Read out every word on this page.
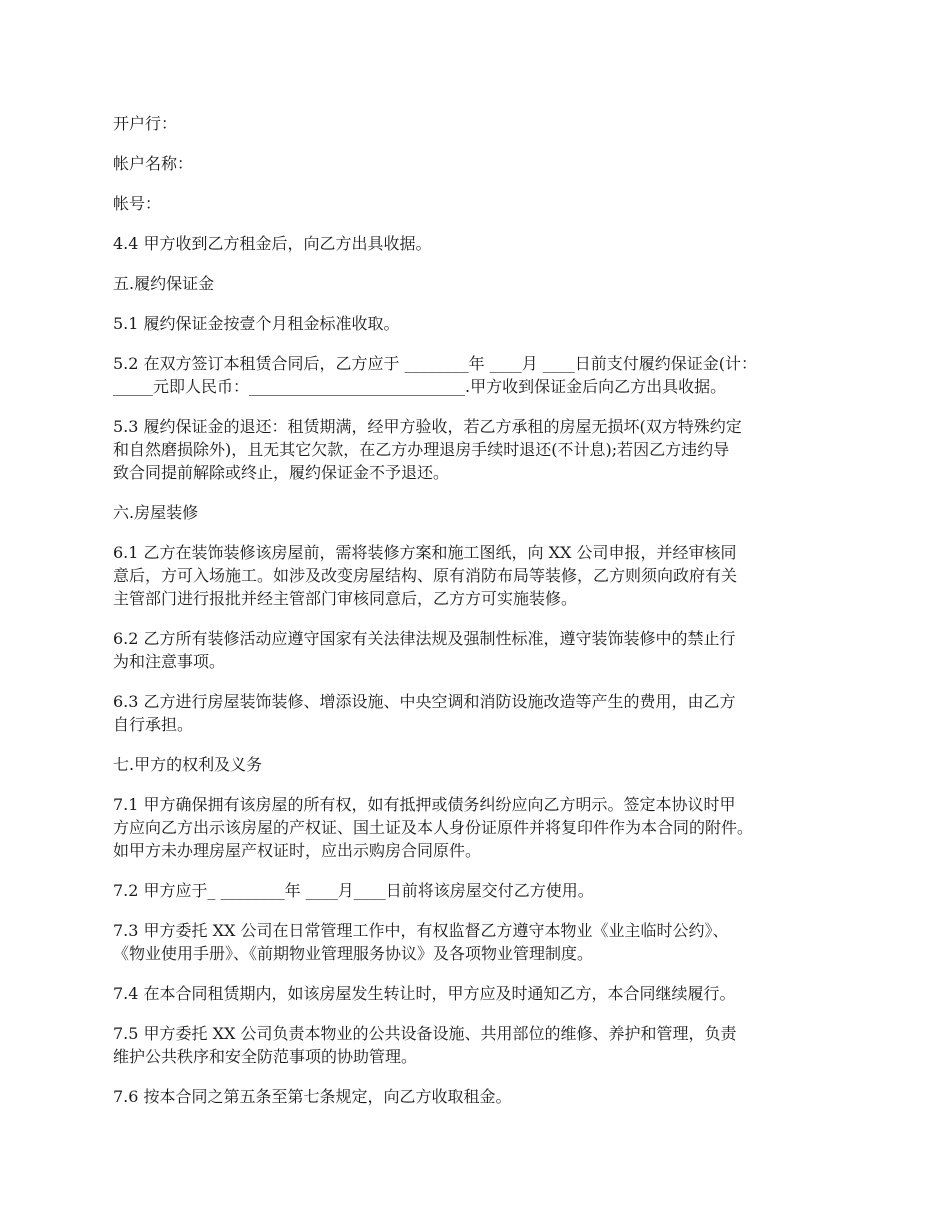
开户行：

帐户名称：

帐号：

4.4 甲方收到乙方租金后，向乙方出具收据。

五.履约保证金

5.1 履约保证金按壹个月租金标准收取。

5.2 在双方签订本租赁合同后，乙方应于 ________年 ____月 ____日前支付履约保证金(计：
_____元即人民币：___________________________.甲方收到保证金后向乙方出具收据。

5.3 履约保证金的退还：租赁期满，经甲方验收，若乙方承租的房屋无损坏(双方特殊约定
和自然磨损除外)，且无其它欠款，在乙方办理退房手续时退还(不计息);若因乙方违约导
致合同提前解除或终止，履约保证金不予退还。

六.房屋装修

6.1 乙方在装饰装修该房屋前，需将装修方案和施工图纸，向 XX 公司申报，并经审核同
意后，方可入场施工。如涉及改变房屋结构、原有消防布局等装修，乙方则须向政府有关
主管部门进行报批并经主管部门审核同意后，乙方方可实施装修。

6.2 乙方所有装修活动应遵守国家有关法律法规及强制性标准，遵守装饰装修中的禁止行
为和注意事项。

6.3 乙方进行房屋装饰装修、增添设施、中央空调和消防设施改造等产生的费用，由乙方
自行承担。

七.甲方的权利及义务

7.1 甲方确保拥有该房屋的所有权，如有抵押或债务纠纷应向乙方明示。签定本协议时甲
方应向乙方出示该房屋的产权证、国土证及本人身份证原件并将复印件作为本合同的附件。
如甲方未办理房屋产权证时，应出示购房合同原件。

7.2 甲方应于_ ________年 ____月____日前将该房屋交付乙方使用。

7.3 甲方委托 XX 公司在日常管理工作中，有权监督乙方遵守本物业《业主临时公约》、
《物业使用手册》、《前期物业管理服务协议》及各项物业管理制度。

7.4 在本合同租赁期内，如该房屋发生转让时，甲方应及时通知乙方，本合同继续履行。

7.5 甲方委托 XX 公司负责本物业的公共设备设施、共用部位的维修、养护和管理，负责
维护公共秩序和安全防范事项的协助管理。

7.6 按本合同之第五条至第七条规定，向乙方收取租金。
